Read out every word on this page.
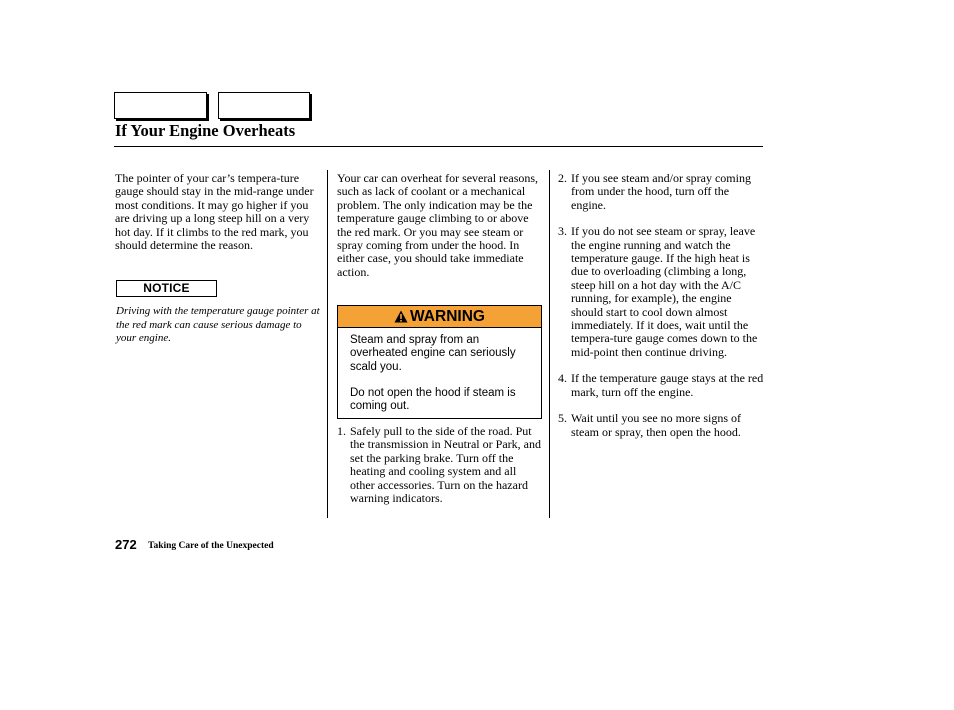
If Your Engine Overheats

The pointer of your car’s tempera-ture gauge should stay in the mid-range under most conditions. It may go higher if you are driving up a long steep hill on a very hot day. If it climbs to the red mark, you should determine the reason.

NOTICE
Driving with the temperature gauge pointer at the red mark can cause serious damage to your engine.

Your car can overheat for several reasons, such as lack of coolant or a mechanical problem. The only indication may be the temperature gauge climbing to or above the red mark. Or you may see steam or spray coming from under the hood. In either case, you should take immediate action.

WARNING

Steam and spray from an overheated engine can seriously scald you.

Do not open the hood if steam is coming out.

1. Safely pull to the side of the road. Put the transmission in Neutral or Park, and set the parking brake. Turn off the heating and cooling system and all other accessories. Turn on the hazard warning indicators.
2. If you see steam and/or spray coming from under the hood, turn off the engine.
3. If you do not see steam or spray, leave the engine running and watch the temperature gauge. If the high heat is due to overloading (climbing a long, steep hill on a hot day with the A/C running, for example), the engine should start to cool down almost immediately. If it does, wait until the tempera-ture gauge comes down to the mid-point then continue driving.
4. If the temperature gauge stays at the red mark, turn off the engine.
5. Wait until you see no more signs of steam or spray, then open the hood.
272 Taking Care of the Unexpected
